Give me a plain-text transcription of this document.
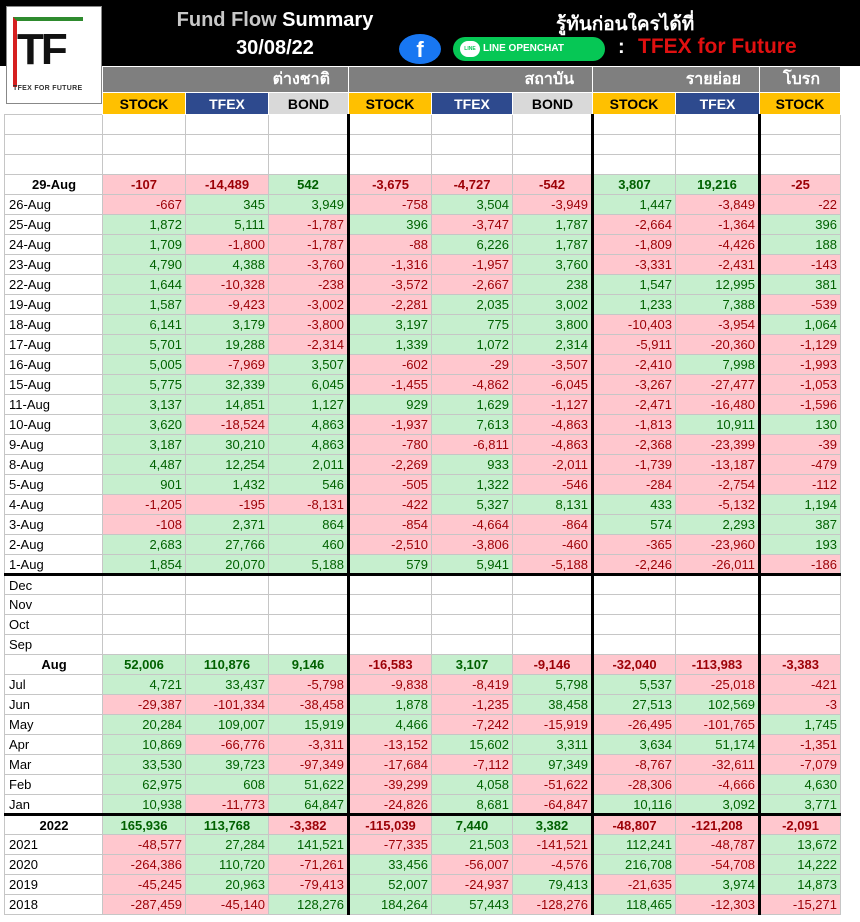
Fund Flow Summary
30/08/22
รู้ทันก่อนใครได้ที่
f	LINE LINE OPENCHAT	: TFEX for Future
TF
TFEX FOR FUTURE
	ต่างชาติ			สถาบัน			รายย่อย		โบรก
	STOCK	TFEX	BOND	STOCK	TFEX	BOND	STOCK	TFEX	STOCK

29-Aug	-107	-14,489	542	-3,675	-4,727	-542	3,807	19,216	-25
26-Aug	-667	345	3,949	-758	3,504	-3,949	1,447	-3,849	-22
25-Aug	1,872	5,111	-1,787	396	-3,747	1,787	-2,664	-1,364	396
24-Aug	1,709	-1,800	-1,787	-88	6,226	1,787	-1,809	-4,426	188
23-Aug	4,790	4,388	-3,760	-1,316	-1,957	3,760	-3,331	-2,431	-143
22-Aug	1,644	-10,328	-238	-3,572	-2,667	238	1,547	12,995	381
19-Aug	1,587	-9,423	-3,002	-2,281	2,035	3,002	1,233	7,388	-539
18-Aug	6,141	3,179	-3,800	3,197	775	3,800	-10,403	-3,954	1,064
17-Aug	5,701	19,288	-2,314	1,339	1,072	2,314	-5,911	-20,360	-1,129
16-Aug	5,005	-7,969	3,507	-602	-29	-3,507	-2,410	7,998	-1,993
15-Aug	5,775	32,339	6,045	-1,455	-4,862	-6,045	-3,267	-27,477	-1,053
11-Aug	3,137	14,851	1,127	929	1,629	-1,127	-2,471	-16,480	-1,596
10-Aug	3,620	-18,524	4,863	-1,937	7,613	-4,863	-1,813	10,911	130
9-Aug	3,187	30,210	4,863	-780	-6,811	-4,863	-2,368	-23,399	-39
8-Aug	4,487	12,254	2,011	-2,269	933	-2,011	-1,739	-13,187	-479
5-Aug	901	1,432	546	-505	1,322	-546	-284	-2,754	-112
4-Aug	-1,205	-195	-8,131	-422	5,327	8,131	433	-5,132	1,194
3-Aug	-108	2,371	864	-854	-4,664	-864	574	2,293	387
2-Aug	2,683	27,766	460	-2,510	-3,806	-460	-365	-23,960	193
1-Aug	1,854	20,070	5,188	579	5,941	-5,188	-2,246	-26,011	-186
Dec									
Nov									
Oct									
Sep									
Aug	52,006	110,876	9,146	-16,583	3,107	-9,146	-32,040	-113,983	-3,383
Jul	4,721	33,437	-5,798	-9,838	-8,419	5,798	5,537	-25,018	-421
Jun	-29,387	-101,334	-38,458	1,878	-1,235	38,458	27,513	102,569	-3
May	20,284	109,007	15,919	4,466	-7,242	-15,919	-26,495	-101,765	1,745
Apr	10,869	-66,776	-3,311	-13,152	15,602	3,311	3,634	51,174	-1,351
Mar	33,530	39,723	-97,349	-17,684	-7,112	97,349	-8,767	-32,611	-7,079
Feb	62,975	608	51,622	-39,299	4,058	-51,622	-28,306	-4,666	4,630
Jan	10,938	-11,773	64,847	-24,826	8,681	-64,847	10,116	3,092	3,771
2022	165,936	113,768	-3,382	-115,039	7,440	3,382	-48,807	-121,208	-2,091
2021	-48,577	27,284	141,521	-77,335	21,503	-141,521	112,241	-48,787	13,672
2020	-264,386	110,720	-71,261	33,456	-56,007	-4,576	216,708	-54,708	14,222
2019	-45,245	20,963	-79,413	52,007	-24,937	79,413	-21,635	3,974	14,873
2018	-287,459	-45,140	128,276	184,264	57,443	-128,276	118,465	-12,303	-15,271
